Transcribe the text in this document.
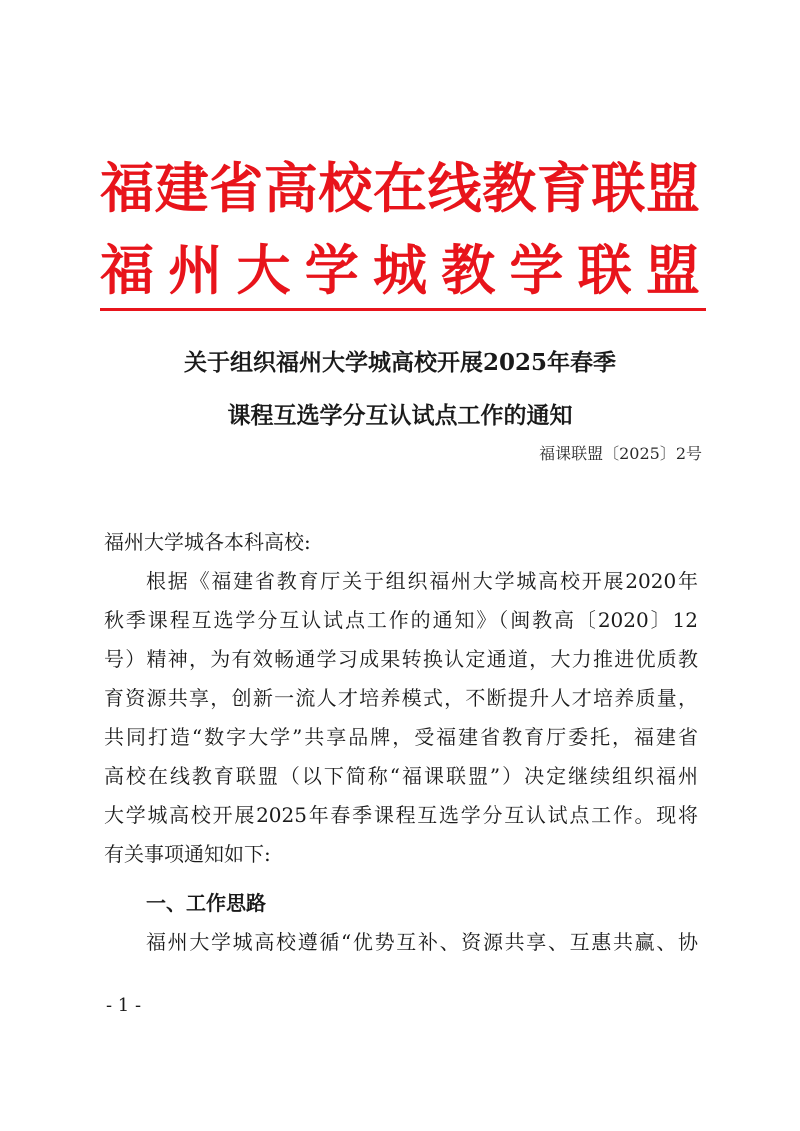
福建省高校在线教育联盟
福州大学城教学联盟
关于组织福州大学城高校开展2025年春季
课程互选学分互认试点工作的通知
福课联盟〔2025〕2号
福州大学城各本科高校:
根据《福建省教育厅关于组织福州大学城高校开展2020年
秋季课程互选学分互认试点工作的通知》（闽教高〔2020〕12
号）精神，为有效畅通学习成果转换认定通道，大力推进优质教
育资源共享，创新一流人才培养模式，不断提升人才培养质量，
共同打造“数字大学”共享品牌，受福建省教育厅委托，福建省
高校在线教育联盟（以下简称“福课联盟”）决定继续组织福州
大学城高校开展2025年春季课程互选学分互认试点工作。现将
有关事项通知如下:
一、工作思路
福州大学城高校遵循“优势互补、资源共享、互惠共赢、协
- 1 -
